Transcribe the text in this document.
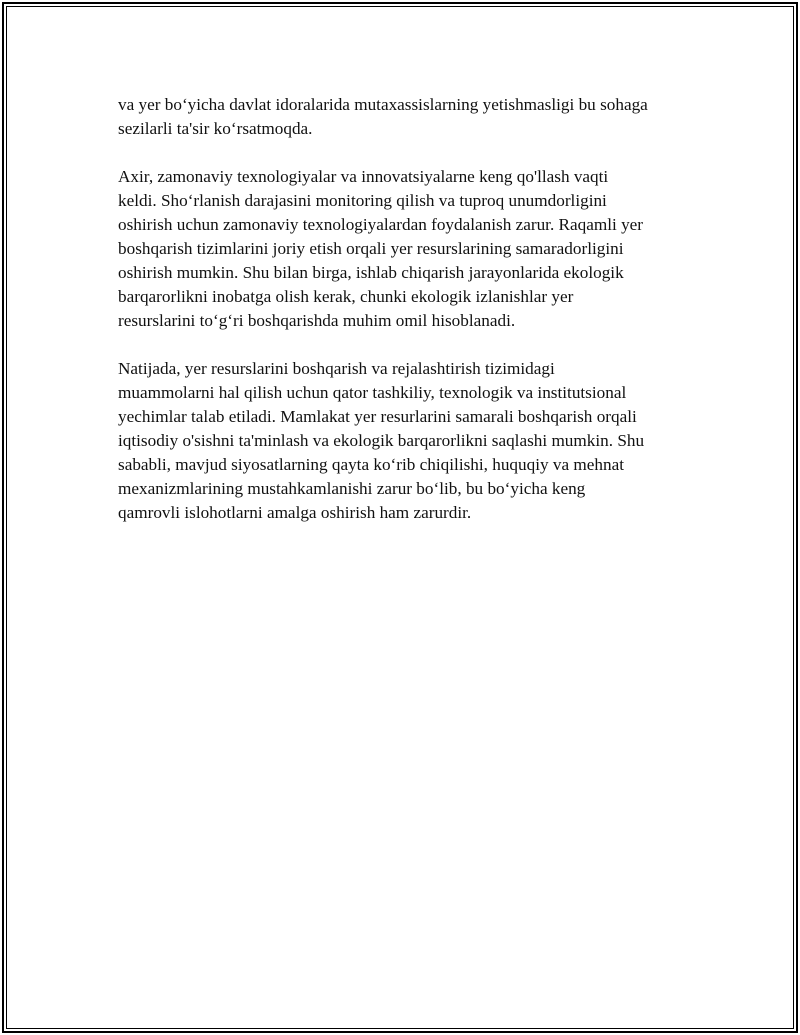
va yer bo‘yicha davlat idoralarida mutaxassislarning yetishmasligi bu sohaga
sezilarli ta'sir ko‘rsatmoqda.

Axir, zamonaviy texnologiyalar va innovatsiyalarne keng qo'llash vaqti
keldi. Sho‘rlanish darajasini monitoring qilish va tuproq unumdorligini
oshirish uchun zamonaviy texnologiyalardan foydalanish zarur. Raqamli yer
boshqarish tizimlarini joriy etish orqali yer resurslarining samaradorligini
oshirish mumkin. Shu bilan birga, ishlab chiqarish jarayonlarida ekologik
barqarorlikni inobatga olish kerak, chunki ekologik izlanishlar yer
resurslarini to‘g‘ri boshqarishda muhim omil hisoblanadi.

Natijada, yer resurslarini boshqarish va rejalashtirish tizimidagi
muammolarni hal qilish uchun qator tashkiliy, texnologik va institutsional
yechimlar talab etiladi. Mamlakat yer resurlarini samarali boshqarish orqali
iqtisodiy o'sishni ta'minlash va ekologik barqarorlikni saqlashi mumkin. Shu
sababli, mavjud siyosatlarning qayta ko‘rib chiqilishi, huquqiy va mehnat
mexanizmlarining mustahkamlanishi zarur bo‘lib, bu bo‘yicha keng
qamrovli islohotlarni amalga oshirish ham zarurdir.
